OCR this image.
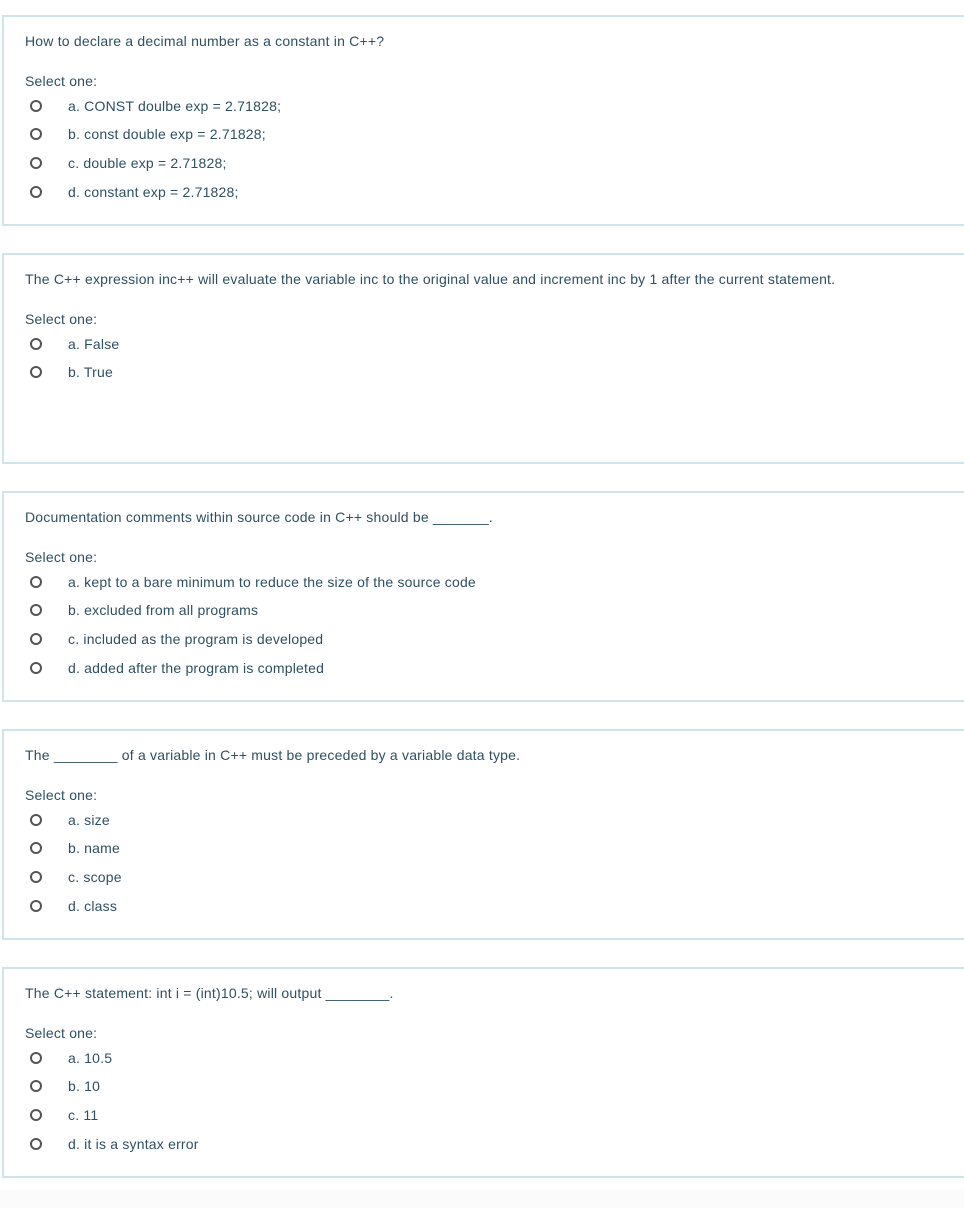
How to declare a decimal number as a constant in C++?
Select one:
a. CONST doulbe exp = 2.71828;
b. const double exp = 2.71828;
c. double exp = 2.71828;
d. constant exp = 2.71828;
The C++ expression inc++ will evaluate the variable inc to the original value and increment inc by 1 after the current statement.
Select one:
a. False
b. True
Documentation comments within source code in C++ should be _______.
Select one:
a. kept to a bare minimum to reduce the size of the source code
b. excluded from all programs
c. included as the program is developed
d. added after the program is completed
The ________ of a variable in C++ must be preceded by a variable data type.
Select one:
a. size
b. name
c. scope
d. class
The C++ statement: int i = (int)10.5; will output ________.
Select one:
a. 10.5
b. 10
c. 11
d. it is a syntax error
